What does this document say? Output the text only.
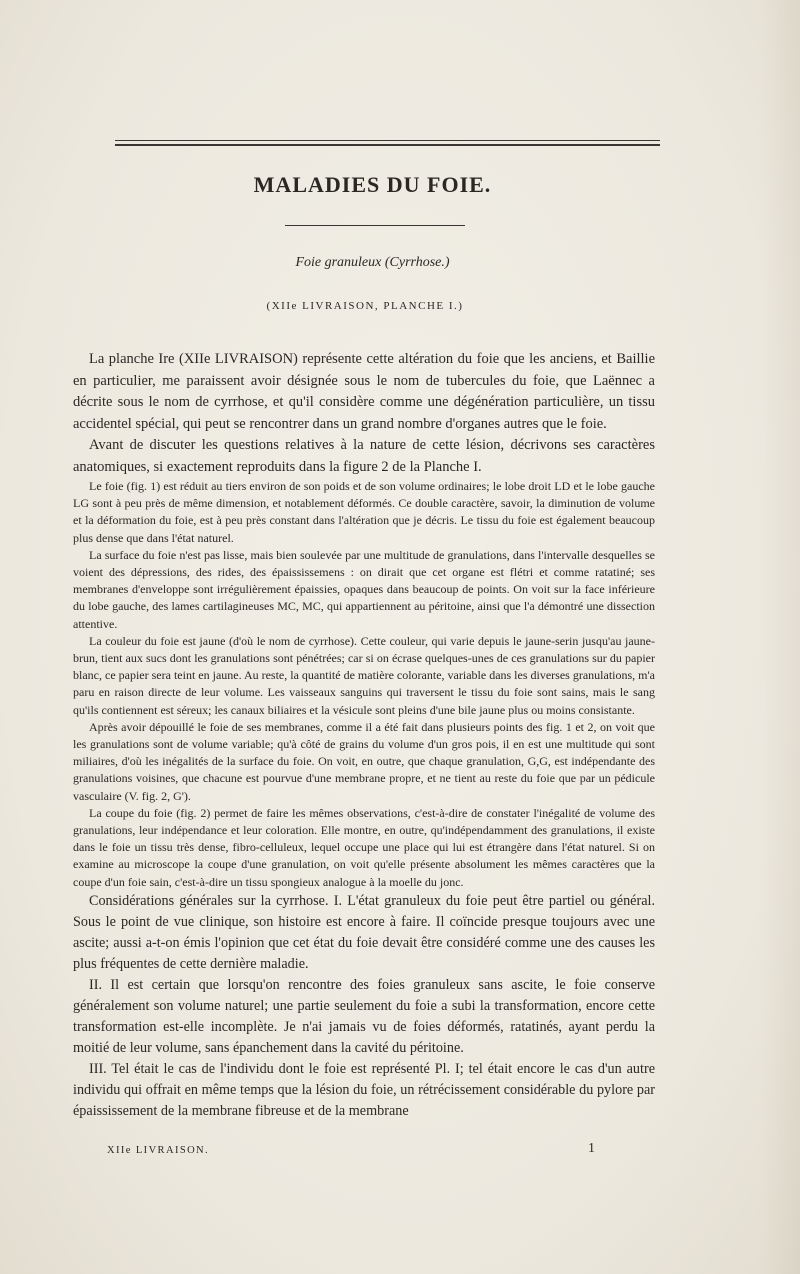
MALADIES DU FOIE.
Foie granuleux (Cyrrhose.)
(XIIe LIVRAISON, PLANCHE I.)

La planche Ire (XIIe LIVRAISON) représente cette altération du foie que les anciens, et Baillie en particulier, me paraissent avoir désignée sous le nom de tubercules du foie, que Laënnec a décrite sous le nom de cyrrhose, et qu'il considère comme une dégénération particulière, un tissu accidentel spécial, qui peut se rencontrer dans un grand nombre d'organes autres que le foie.

Avant de discuter les questions relatives à la nature de cette lésion, décrivons ses caractères anatomiques, si exactement reproduits dans la figure 2 de la Planche I.

Le foie (fig. 1) est réduit au tiers environ de son poids et de son volume ordinaires; le lobe droit LD et le lobe gauche LG sont à peu près de même dimension, et notablement déformés. Ce double caractère, savoir, la diminution de volume et la déformation du foie, est à peu près constant dans l'altération que je décris. Le tissu du foie est également beaucoup plus dense que dans l'état naturel.

La surface du foie n'est pas lisse, mais bien soulevée par une multitude de granulations, dans l'intervalle desquelles se voient des dépressions, des rides, des épaississemens : on dirait que cet organe est flétri et comme ratatiné; ses membranes d'enveloppe sont irrégulièrement épaissies, opaques dans beaucoup de points. On voit sur la face inférieure du lobe gauche, des lames cartilagineuses MC, MC, qui appartiennent au péritoine, ainsi que l'a démontré une dissection attentive.

La couleur du foie est jaune (d'où le nom de cyrrhose). Cette couleur, qui varie depuis le jaune-serin jusqu'au jaune-brun, tient aux sucs dont les granulations sont pénétrées; car si on écrase quelques-unes de ces granulations sur du papier blanc, ce papier sera teint en jaune. Au reste, la quantité de matière colorante, variable dans les diverses granulations, m'a paru en raison directe de leur volume. Les vaisseaux sanguins qui traversent le tissu du foie sont sains, mais le sang qu'ils contiennent est séreux; les canaux biliaires et la vésicule sont pleins d'une bile jaune plus ou moins consistante.

Après avoir dépouillé le foie de ses membranes, comme il a été fait dans plusieurs points des fig. 1 et 2, on voit que les granulations sont de volume variable; qu'à côté de grains du volume d'un gros pois, il en est une multitude qui sont miliaires, d'où les inégalités de la surface du foie. On voit, en outre, que chaque granulation, G,G, est indépendante des granulations voisines, que chacune est pourvue d'une membrane propre, et ne tient au reste du foie que par un pédicule vasculaire (V. fig. 2, G').

La coupe du foie (fig. 2) permet de faire les mêmes observations, c'est-à-dire de constater l'inégalité de volume des granulations, leur indépendance et leur coloration. Elle montre, en outre, qu'indépendamment des granulations, il existe dans le foie un tissu très dense, fibro-celluleux, lequel occupe une place qui lui est étrangère dans l'état naturel. Si on examine au microscope la coupe d'une granulation, on voit qu'elle présente absolument les mêmes caractères que la coupe d'un foie sain, c'est-à-dire un tissu spongieux analogue à la moelle du jonc.

Considérations générales sur la cyrrhose. I. L'état granuleux du foie peut être partiel ou général. Sous le point de vue clinique, son histoire est encore à faire. Il coïncide presque toujours avec une ascite; aussi a-t-on émis l'opinion que cet état du foie devait être considéré comme une des causes les plus fréquentes de cette dernière maladie.

II. Il est certain que lorsqu'on rencontre des foies granuleux sans ascite, le foie conserve généralement son volume naturel; une partie seulement du foie a subi la transformation, encore cette transformation est-elle incomplète. Je n'ai jamais vu de foies déformés, ratatinés, ayant perdu la moitié de leur volume, sans épanchement dans la cavité du péritoine.

III. Tel était le cas de l'individu dont le foie est représenté Pl. I; tel était encore le cas d'un autre individu qui offrait en même temps que la lésion du foie, un rétrécissement considérable du pylore par épaississement de la membrane fibreuse et de la membrane

XIIe LIVRAISON.	1
